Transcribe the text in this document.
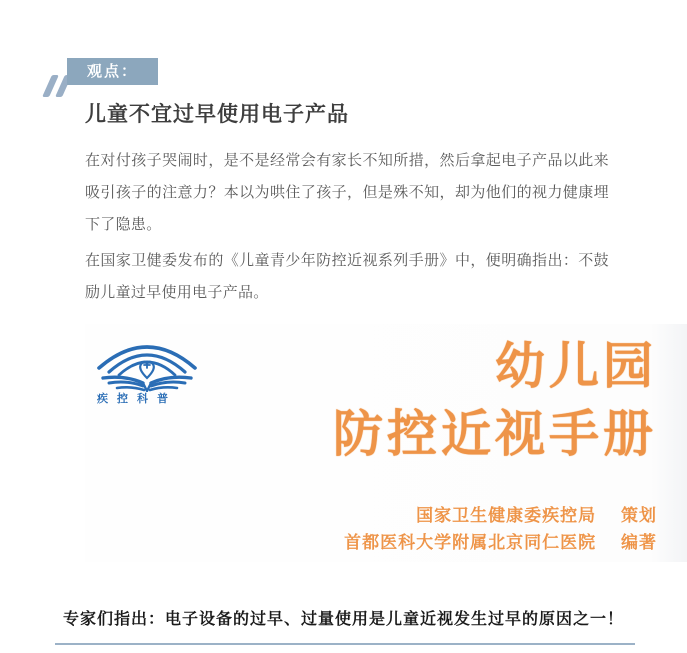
观点：
儿童不宜过早使用电子产品

在对付孩子哭闹时，是不是经常会有家长不知所措，然后拿起电子产品以此来吸引孩子的注意力？本以为哄住了孩子，但是殊不知，却为他们的视力健康埋下了隐患。

在国家卫健委发布的《儿童青少年防控近视系列手册》中，便明确指出：不鼓励儿童过早使用电子产品。

疾控科普
幼儿园
防控近视手册
国家卫生健康委疾控局　 策划
首都医科大学附属北京同仁医院　 编著
专家们指出：电子设备的过早、过量使用是儿童近视发生过早的原因之一！
